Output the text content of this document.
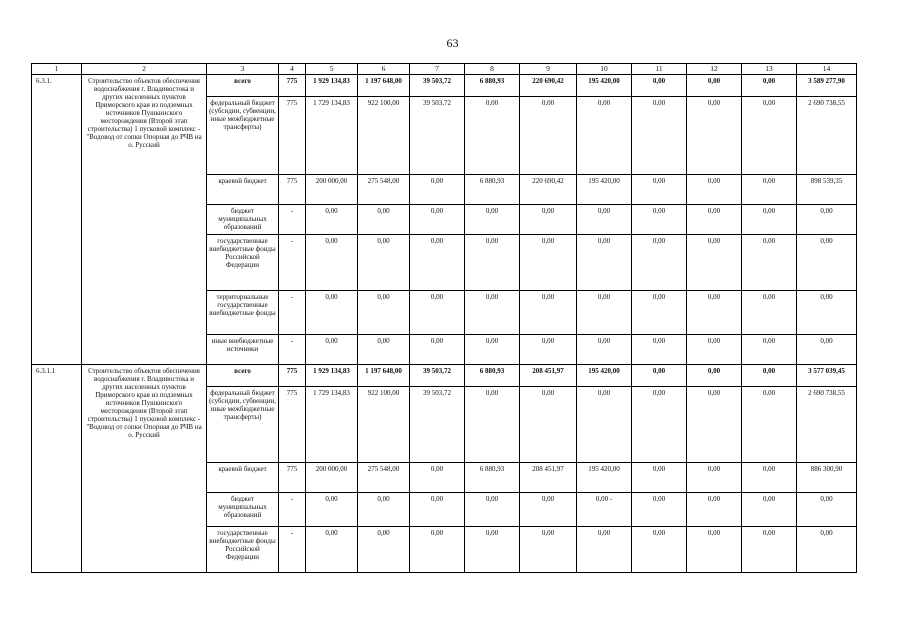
63
1	2	3	4	5	6	7	8	9	10	11	12	13	14
6.3.1.	Строительство объектов обеспечения водоснабжения г. Владивостока и других населенных пунктов Приморского края из подземных источников Пушкинского месторождения (Второй этап строительства) 1 пусковой комплекс - "Водовод от сопки Опорная до РЧВ на о. Русский	всего	775	1 929 134,83	1 197 648,00	39 503,72	6 880,93	220 690,42	195 420,00	0,00	0,00	0,00	3 589 277,90
		федеральный бюджет (субсидии, субвенции, иные межбюджетные трансферты)	775	1 729 134,83	922 100,00	39 503,72	0,00	0,00	0,00	0,00	0,00	0,00	2 690 738,55
		краевой бюджет	775	200 000,00	275 548,00	0,00	6 880,93	220 690,42	195 420,00	0,00	0,00	0,00	898 539,35
		бюджет муниципальных образований	-	0,00	0,00	0,00	0,00	0,00	0,00	0,00	0,00	0,00	0,00
		государственные внебюджетные фонды Российской Федерации	-	0,00	0,00	0,00	0,00	0,00	0,00	0,00	0,00	0,00	0,00
		территориальные государственные внебюджетные фонды	-	0,00	0,00	0,00	0,00	0,00	0,00	0,00	0,00	0,00	0,00
		иные внебюджетные источники	-	0,00	0,00	0,00	0,00	0,00	0,00	0,00	0,00	0,00	0,00
6.3.1.1	Строительство объектов обеспечения водоснабжения г. Владивостока и других населенных пунктов Приморского края из подземных источников Пушкинского месторождения (Второй этап строительства) 1 пусковой комплекс - "Водовод от сопки Опорная до РЧВ на о. Русский	всего	775	1 929 134,83	1 197 648,00	39 503,72	6 880,93	208 451,97	195 420,00	0,00	0,00	0,00	3 577 039,45
		федеральный бюджет (субсидии, субвенции, иные межбюджетные трансферты)	775	1 729 134,83	922 100,00	39 503,72	0,00	0,00	0,00	0,00	0,00	0,00	2 690 738,55
		краевой бюджет	775	200 000,00	275 548,00	0,00	6 880,93	208 451,97	195 420,00	0,00	0,00	0,00	886 300,90
		бюджет муниципальных образований	-	0,00	0,00	0,00	0,00	0,00	0,00 -	0,00	0,00	0,00	0,00
		государственные внебюджетные фонды Российской Федерации	-	0,00	0,00	0,00	0,00	0,00	0,00	0,00	0,00	0,00	0,00
